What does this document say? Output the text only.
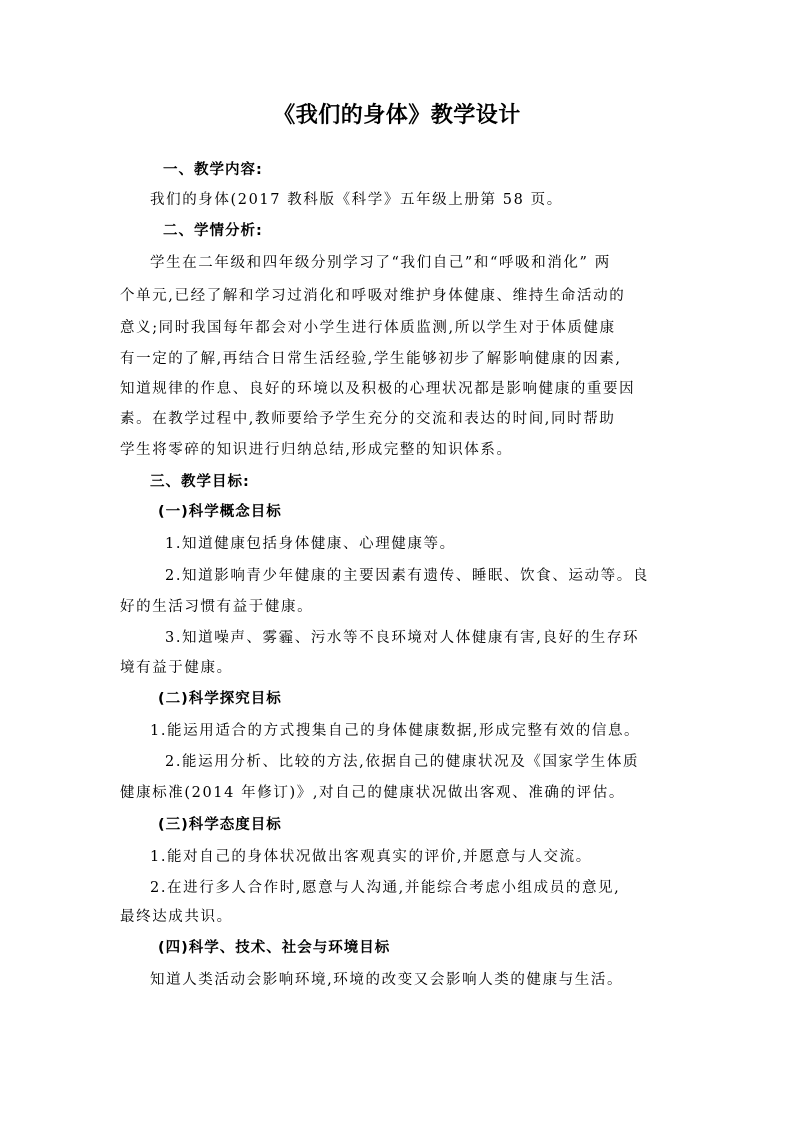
《我们的身体》教学设计
一、教学内容:
我们的身体(2017 教科版《科学》五年级上册第 58 页。
二、学情分析:
学生在二年级和四年级分别学习了“我们自己”和“呼吸和消化” 两
个单元,已经了解和学习过消化和呼吸对维护身体健康、维持生命活动的
意义;同时我国每年都会对小学生进行体质监测,所以学生对于体质健康
有一定的了解,再结合日常生活经验,学生能够初步了解影响健康的因素,
知道规律的作息、良好的环境以及积极的心理状况都是影响健康的重要因
素。在教学过程中,教师要给予学生充分的交流和表达的时间,同时帮助
学生将零碎的知识进行归纳总结,形成完整的知识体系。
三、教学目标:
(一)科学概念目标
1.知道健康包括身体健康、心理健康等。
2.知道影响青少年健康的主要因素有遗传、睡眠、饮食、运动等。良
好的生活习惯有益于健康。
3.知道噪声、雾霾、污水等不良环境对人体健康有害,良好的生存环
境有益于健康。
(二)科学探究目标
1.能运用适合的方式搜集自己的身体健康数据,形成完整有效的信息。
2.能运用分析、比较的方法,依据自己的健康状况及《国家学生体质
健康标准(2014 年修订)》,对自己的健康状况做出客观、准确的评估。
(三)科学态度目标
1.能对自己的身体状况做出客观真实的评价,并愿意与人交流。
2.在进行多人合作时,愿意与人沟通,并能综合考虑小组成员的意见,
最终达成共识。
(四)科学、技术、社会与环境目标
知道人类活动会影响环境,环境的改变又会影响人类的健康与生活。
